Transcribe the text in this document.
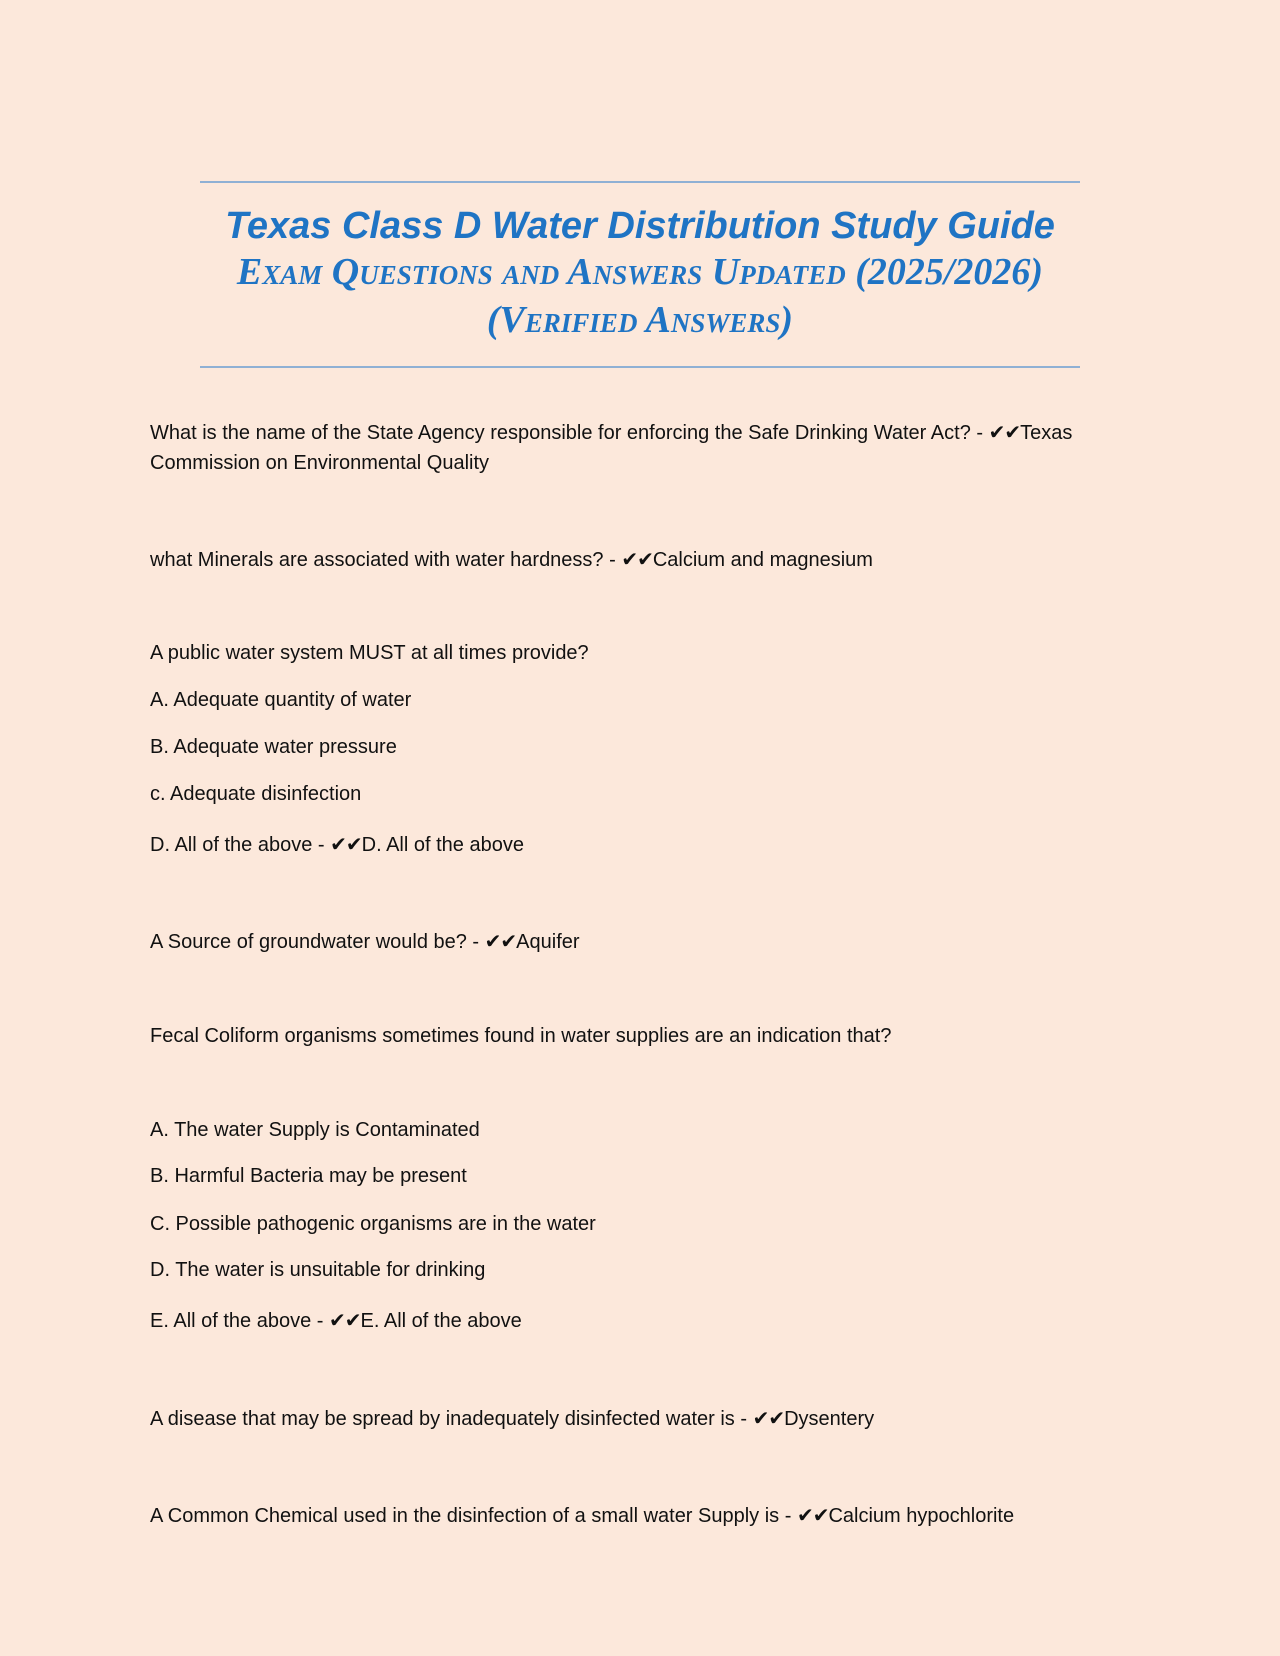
Texas Class D Water Distribution Study Guide
Exam Questions and Answers Updated (2025/2026) (Verified Answers)
What is the name of the State Agency responsible for enforcing the Safe Drinking Water Act? - ✔✔Texas Commission on Environmental Quality
what Minerals are associated with water hardness? - ✔✔Calcium and magnesium
A public water system MUST at all times provide?
A. Adequate quantity of water
B. Adequate water pressure
c. Adequate disinfection
D. All of the above - ✔✔D. All of the above
A Source of groundwater would be? - ✔✔Aquifer
Fecal Coliform organisms sometimes found in water supplies are an indication that?
A. The water Supply is Contaminated
B. Harmful Bacteria may be present
C. Possible pathogenic organisms are in the water
D. The water is unsuitable for drinking
E. All of the above - ✔✔E. All of the above
A disease that may be spread by inadequately disinfected water is - ✔✔Dysentery
A Common Chemical used in the disinfection of a small water Supply is - ✔✔Calcium hypochlorite
